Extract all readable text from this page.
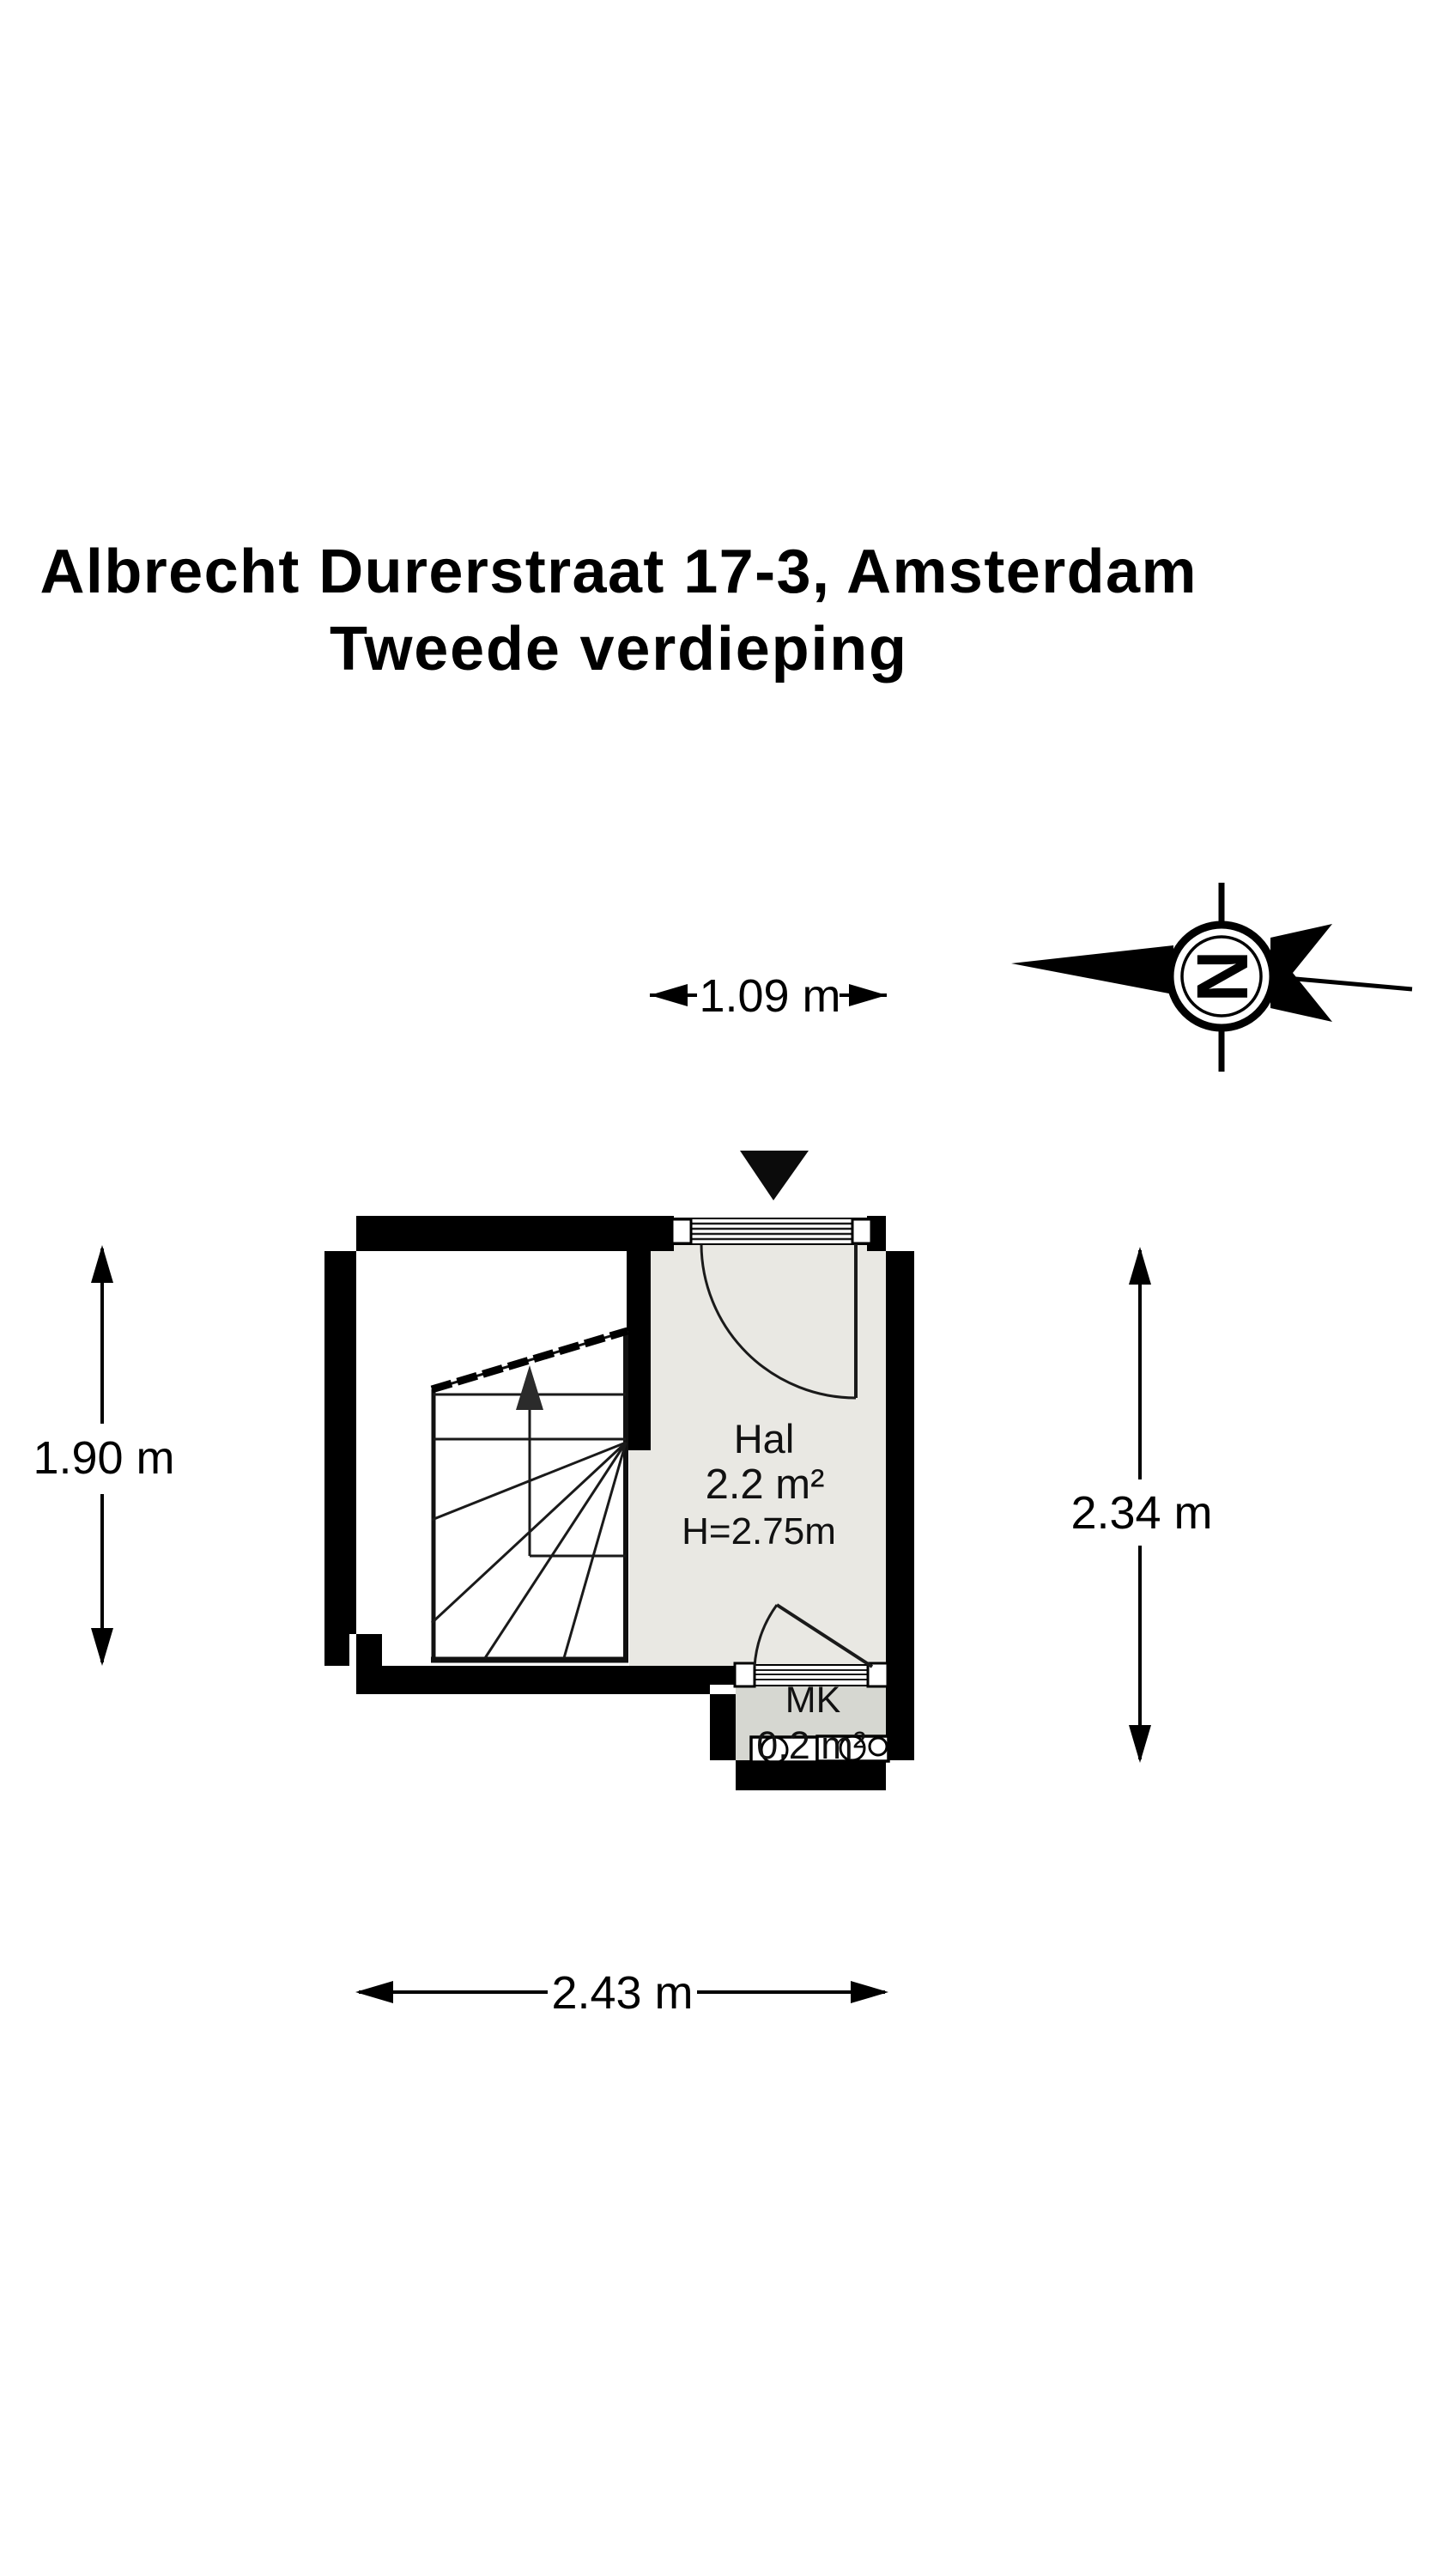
Albrecht Durerstraat 17-3, Amsterdam
Tweede verdieping
N
1.09 m
Hal
2.2 m²
H=2.75m
MK
0.2 m²
1.90 m
2.34 m
2.43 m
